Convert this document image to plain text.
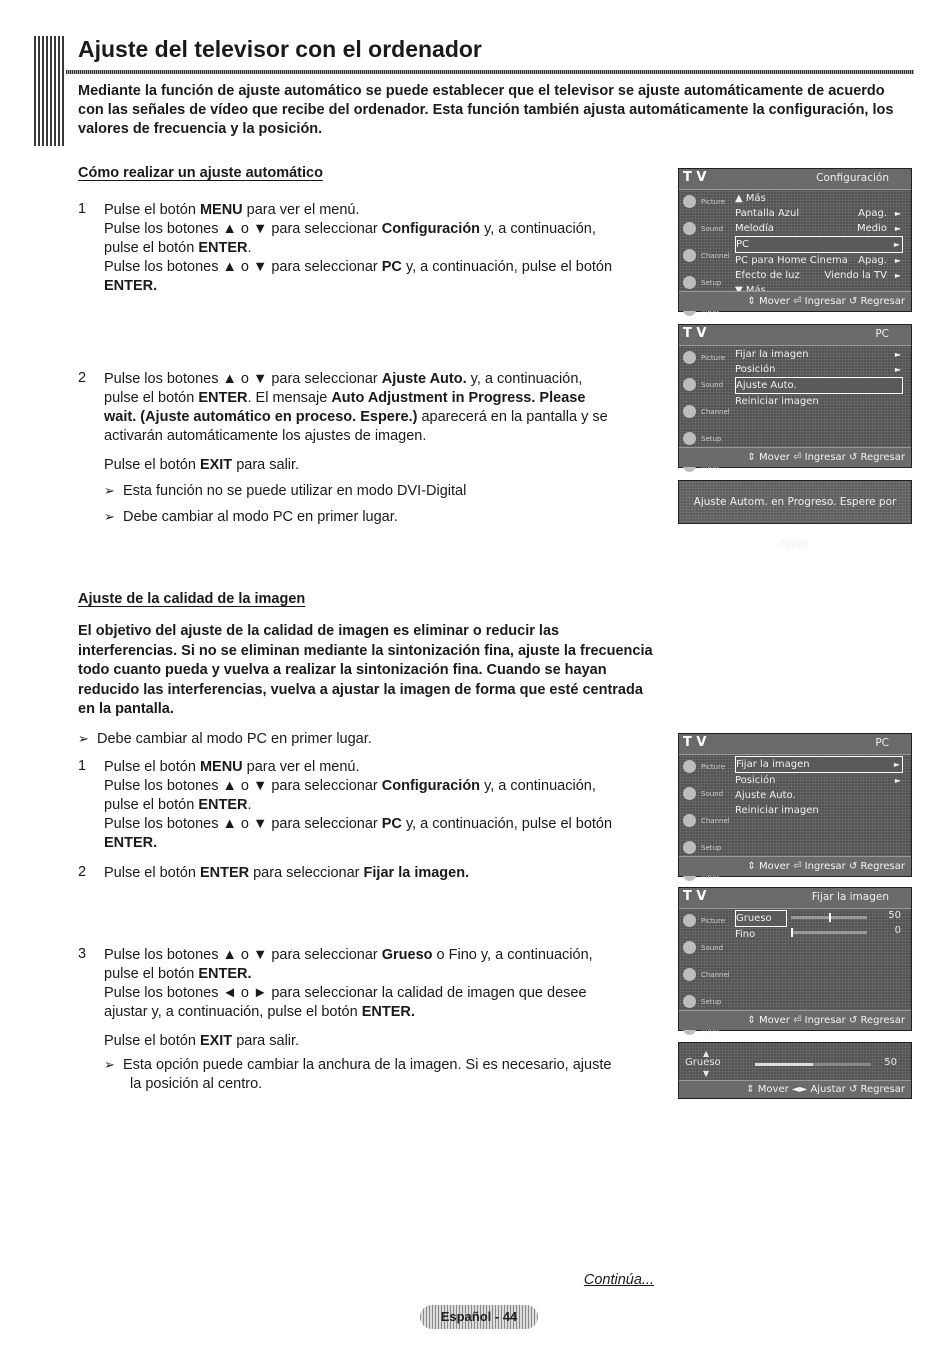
Ajuste del televisor con el ordenador

Mediante la función de ajuste automático se puede establecer que el televisor se ajuste automáticamente de acuerdo con las señales de vídeo que recibe del ordenador. Esta función también ajusta automáticamente la configuración, los valores de frecuencia y la posición.

Cómo realizar un ajuste automático
1	Pulse el botón MENU para ver el menú.

Pulse los botones ▲ o ▼ para seleccionar Configuración y, a continuación,

pulse el botón ENTER.

Pulse los botones ▲ o ▼ para seleccionar PC y, a continuación, pulse el botón

ENTER.

2	Pulse los botones ▲ o ▼ para seleccionar Ajuste Auto. y, a continuación,

pulse el botón ENTER. El mensaje Auto Adjustment in Progress. Please

wait. (Ajuste automático en proceso. Espere.) aparecerá en la pantalla y se

activarán automáticamente los ajustes de imagen.

Pulse el botón EXIT para salir.

➢ Esta función no se puede utilizar en modo DVI-Digital

➢ Debe cambiar al modo PC en primer lugar.

Ajuste de la calidad de la imagen

El objetivo del ajuste de la calidad de imagen es eliminar o reducir las interferencias. Si no se eliminan mediante la sintonización fina, ajuste la frecuencia todo cuanto pueda y vuelva a realizar la sintonización fina. Cuando se hayan reducido las interferencias, vuelva a ajustar la imagen de forma que esté centrada en la pantalla.

➢ Debe cambiar al modo PC en primer lugar.

1	Pulse el botón MENU para ver el menú.

Pulse los botones ▲ o ▼ para seleccionar Configuración y, a continuación,

pulse el botón ENTER.

Pulse los botones ▲ o ▼ para seleccionar PC y, a continuación, pulse el botón

ENTER.

2	Pulse el botón ENTER para seleccionar Fijar la imagen.

3	Pulse los botones ▲ o ▼ para seleccionar Grueso o Fino y, a continuación,

pulse el botón ENTER.

Pulse los botones ◄ o ► para seleccionar la calidad de imagen que desee

ajustar y, a continuación, pulse el botón ENTER.

Pulse el botón EXIT para salir.

➢ Esta opción puede cambiar la anchura de la imagen. Si es necesario, ajuste

la posición al centro.

T V	Configuración
Picture
Sound
Channel
Setup
▲ Más
Pantalla Azul	Apag. ►
Melodía	Medio ►
PC	►
PC para Home Cinema Apag. ►
Efecto de luz Viendo la TV ►
⇕ Mover ⏎ Ingresar ↺ Regresar
T V	PC
Picture
Sound
Channel
Setup
Fijar la imagen	►
Posición	►
Ajuste Auto.
Reiniciar imagen
⇕ Mover ⏎ Ingresar ↺ Regresar
Ajuste Autom. en Progreso. Espere por favor.
T V	PC
Picture
Sound
Channel
Setup
Fijar la imagen	►
Posición	►
Ajuste Auto.
Reiniciar imagen
⇕ Mover ⏎ Ingresar ↺ Regresar
T V	Fijar la imagen
Picture
Sound
Channel
Setup
Grueso	50
Fino	0
⇕ Mover ⏎ Ingresar ↺ Regresar
▲
Grueso
▼
50
⇕ Mover ◄► Ajustar ↺ Regresar
Continúa...
Español - 44
